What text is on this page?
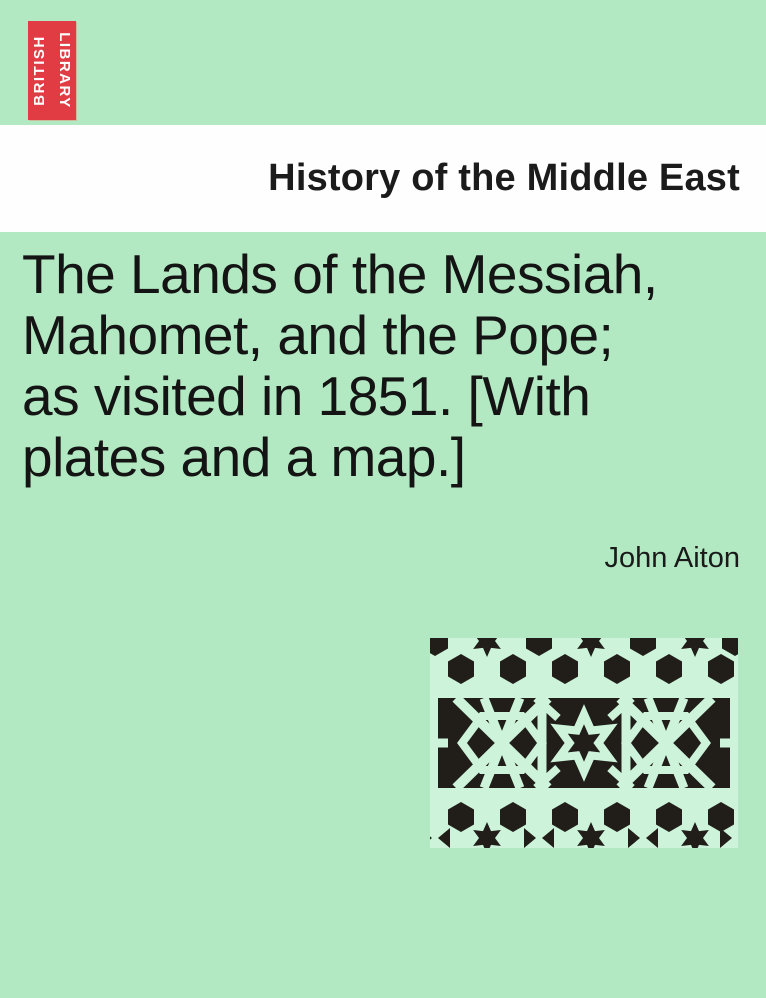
BRITISH LIBRARY
History of the Middle East
The Lands of the Messiah,
Mahomet, and the Pope;
as visited in 1851. [With
plates and a map.]
John Aiton
